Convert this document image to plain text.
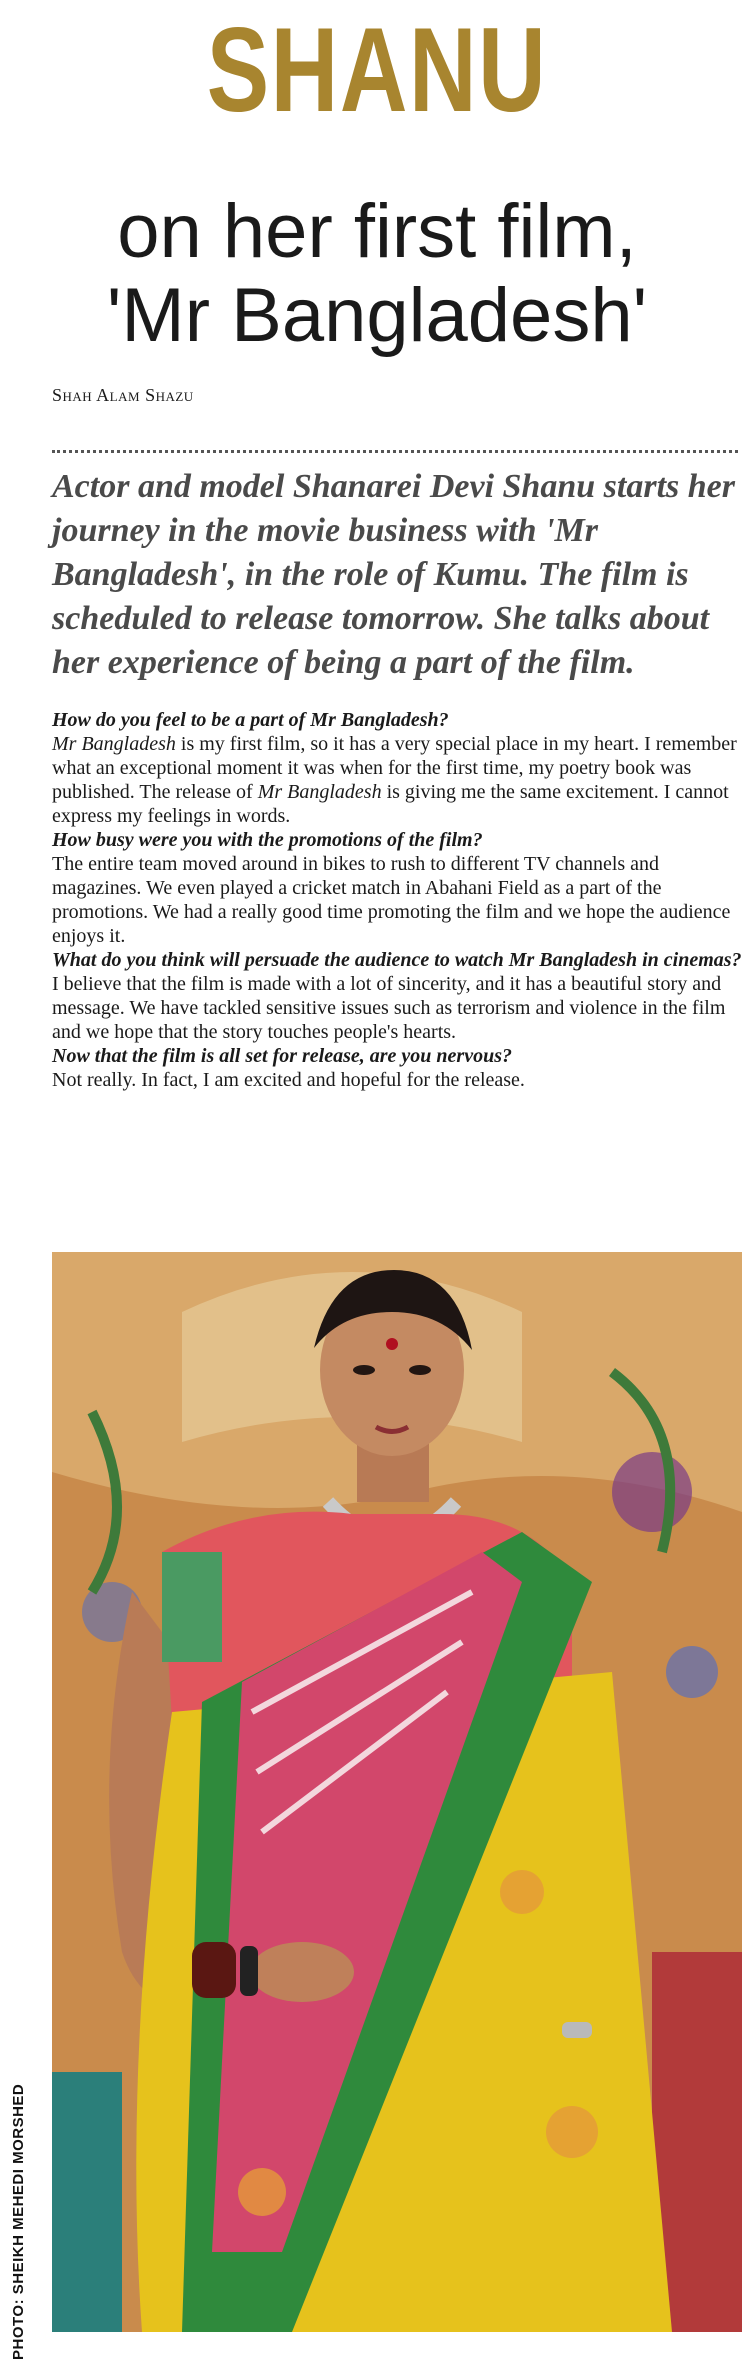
SHANU
on her first film,
'Mr Bangladesh'
Shah Alam Shazu
Actor and model Shanarei Devi Shanu starts her journey in the movie business with 'Mr Bangladesh', in the role of Kumu. The film is scheduled to release tomorrow. She talks about her experience of being a part of the film.

How do you feel to be a part of Mr Bangladesh?

Mr Bangladesh is my first film, so it has a very special place in my heart. I remember what an exceptional moment it was when for the first time, my poetry book was published. The release of Mr Bangladesh is giving me the same excitement. I cannot express my feelings in words.

How busy were you with the promotions of the film?

The entire team moved around in bikes to rush to different TV channels and magazines. We even played a cricket match in Abahani Field as a part of the promotions. We had a really good time promoting the film and we hope the audience enjoys it.

What do you think will persuade the audience to watch Mr Bangladesh in cinemas?

I believe that the film is made with a lot of sincerity, and it has a beautiful story and message. We have tackled sensitive issues such as terrorism and violence in the film and we hope that the story touches people's hearts.

Now that the film is all set for release, are you nervous?

Not really. In fact, I am excited and hopeful for the release.

PHOTO: SHEIKH MEHEDI MORSHED
